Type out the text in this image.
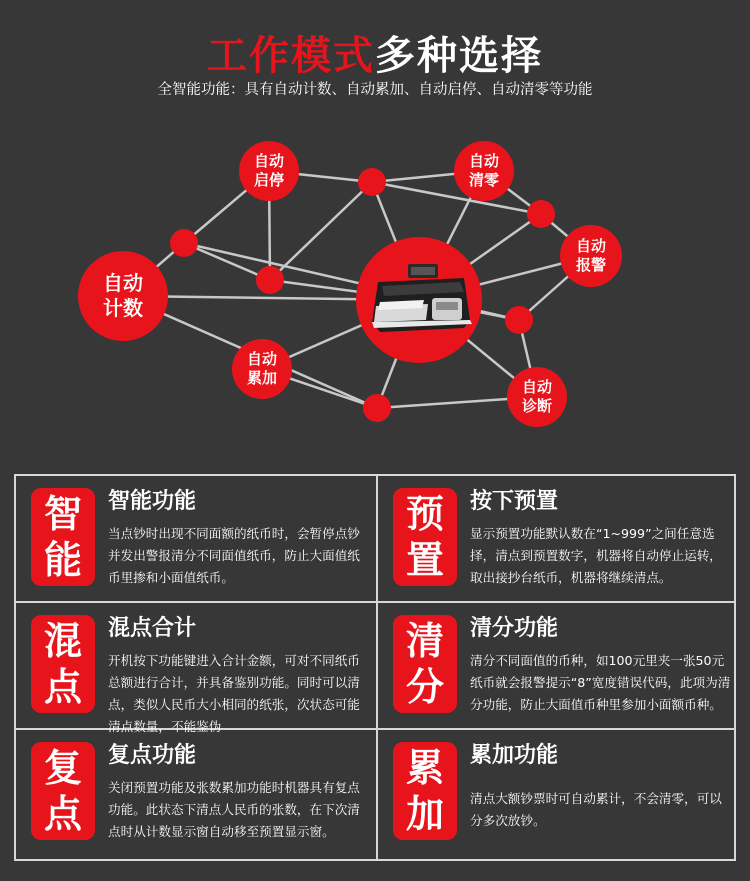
工作模式多种选择
全智能功能：具有自动计数、自动累加、自动启停、自动清零等功能
自动
启停
自动
清零
自动
报警
自动
计数
自动
累加
自动
诊断
智
能
智能功能
当点钞时出现不同面额的纸币时，会暂停点钞并发出警报清分不同面值纸币，防止大面值纸币里掺和小面值纸币。
预
置
按下预置
显示预置功能默认数在“1~999”之间任意选择，清点到预置数字，机器将自动停止运转，取出接抄台纸币，机器将继续清点。
混
点
混点合计
开机按下功能键进入合计金额，可对不同纸币总额进行合计，并具备鉴别功能。同时可以清点，类似人民币大小相同的纸张，次状态可能清点数量，不能鉴伪
清
分
清分功能
清分不同面值的币种，如100元里夹一张50元纸币就会报警提示“8”宽度错误代码，此项为清分功能，防止大面值币种里参加小面额币种。
复
点
复点功能
关闭预置功能及张数累加功能时机器具有复点功能。此状态下清点人民币的张数，在下次清点时从计数显示窗自动移至预置显示窗。
累
加
累加功能
清点大额钞票时可自动累计，不会清零，可以分多次放钞。
